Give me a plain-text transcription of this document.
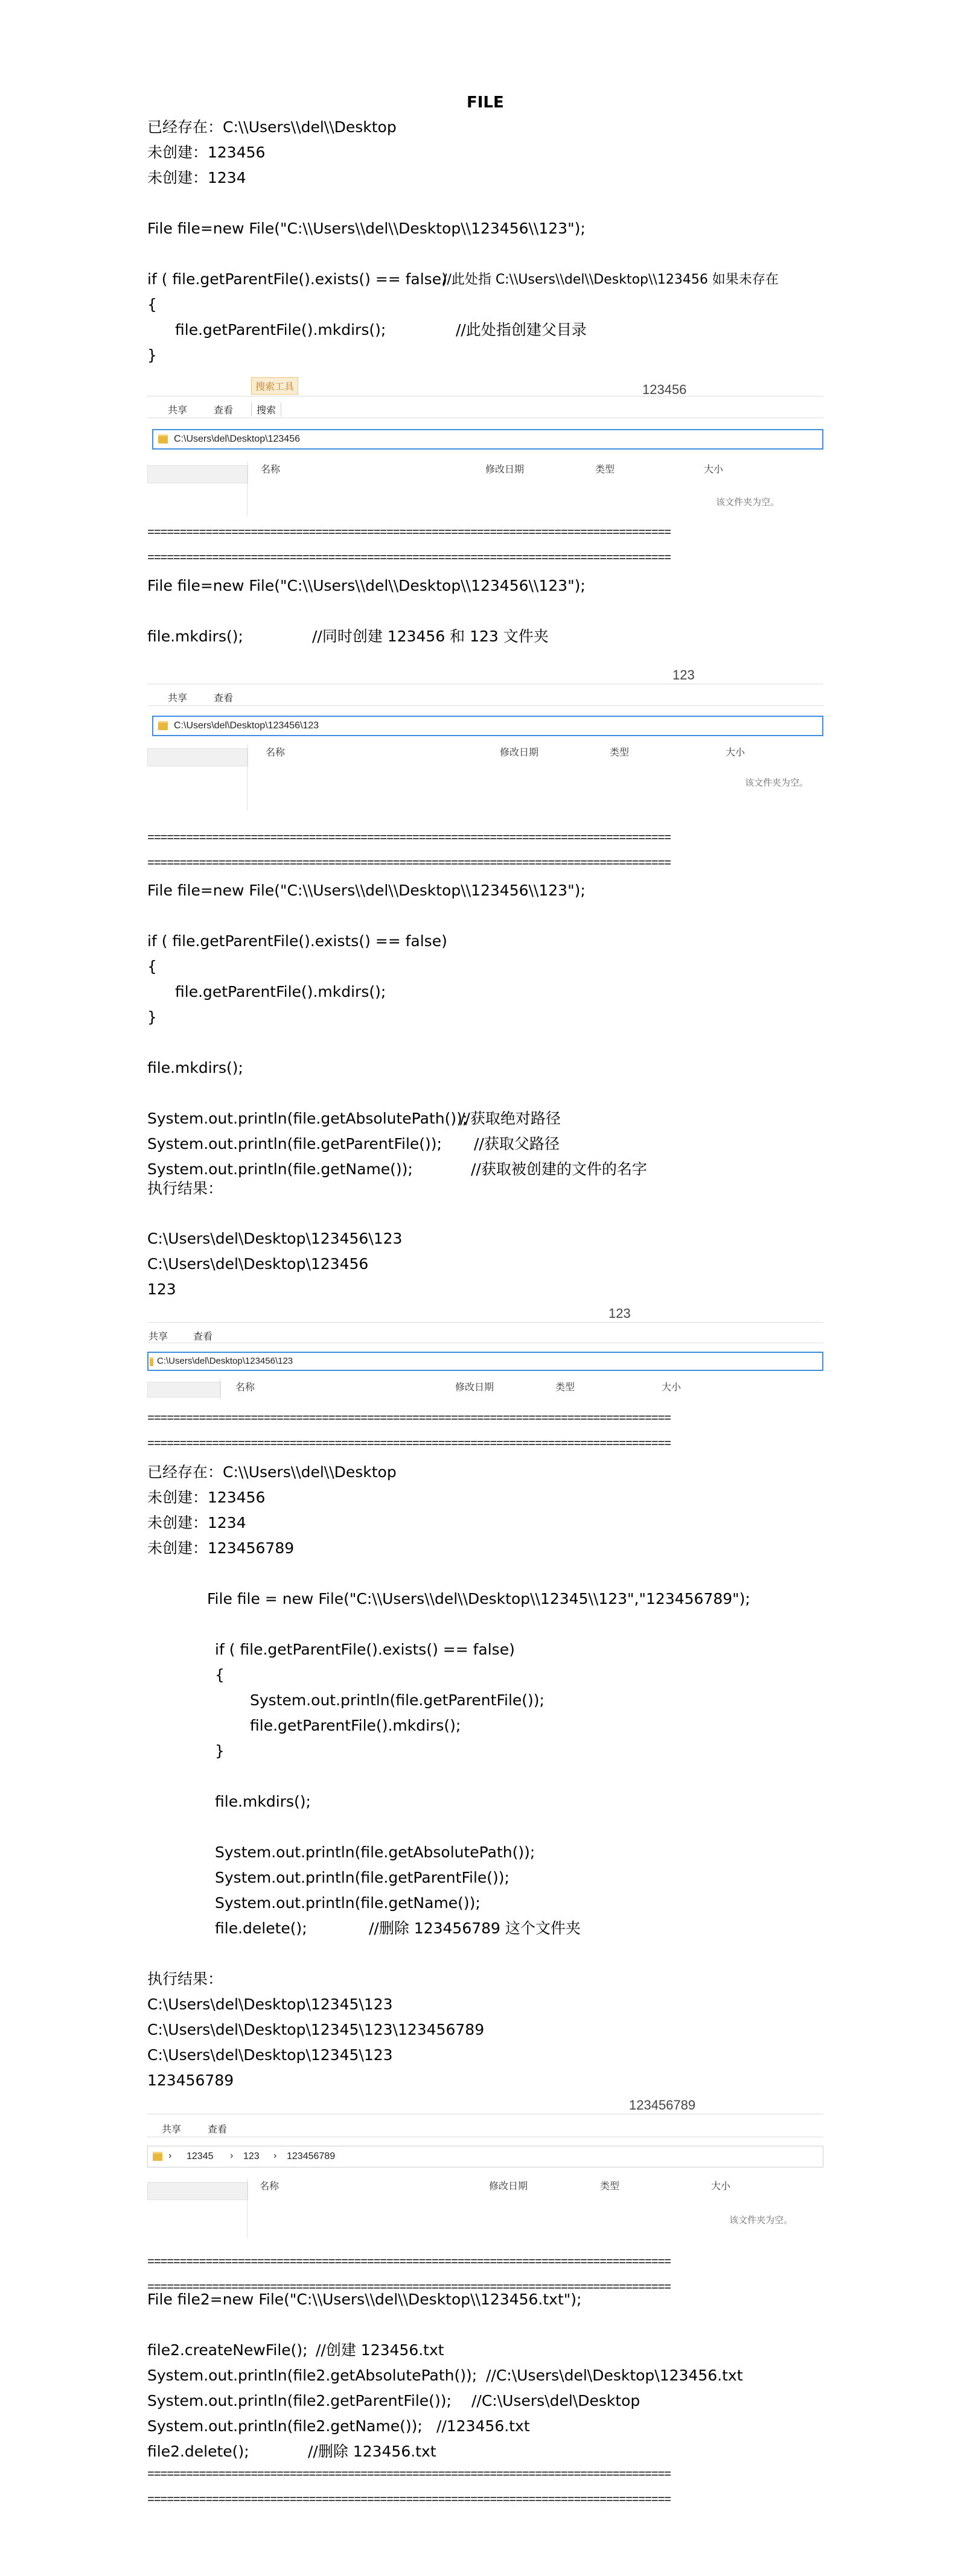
FILE
已经存在：C:\\Users\\del\\Desktop
未创建：123456
未创建：1234
File file=new File("C:\\Users\\del\\Desktop\\123456\\123");
if ( file.getParentFile().exists() == false)
//此处指 C:\\Users\\del\\Desktop\\123456 如果未存在
{
file.getParentFile().mkdirs();	//此处指创建父目录
}
搜索工具	123456
共享	查看	搜索
C:\Users\del\Desktop\123456
名称	修改日期	类型	大小
该文件夹为空。
=================================================================================
=================================================================================
File file=new File("C:\\Users\\del\\Desktop\\123456\\123");
file.mkdirs();	//同时创建 123456 和 123 文件夹
123
共享	查看
C:\Users\del\Desktop\123456\123
名称	修改日期	类型	大小
该文件夹为空。
=================================================================================
=================================================================================
File file=new File("C:\\Users\\del\\Desktop\\123456\\123");
if ( file.getParentFile().exists() == false)
{
file.getParentFile().mkdirs();
}
file.mkdirs();
System.out.println(file.getAbsolutePath());
//获取绝对路径
System.out.println(file.getParentFile()); //获取父路径
System.out.println(file.getName());	//获取被创建的文件的名字
执行结果：
C:\Users\del\Desktop\123456\123
C:\Users\del\Desktop\123456
123
123
共享	查看
C:\Users\del\Desktop\123456\123
名称	修改日期	类型	大小
=================================================================================
=================================================================================
已经存在：C:\\Users\\del\\Desktop
未创建：123456
未创建：1234
未创建：123456789
File file = new File("C:\\Users\\del\\Desktop\\12345\\123","123456789");
if ( file.getParentFile().exists() == false)
{
System.out.println(file.getParentFile());
file.getParentFile().mkdirs();
}
file.mkdirs();
System.out.println(file.getAbsolutePath());
System.out.println(file.getParentFile());
System.out.println(file.getName());
file.delete();	//删除 123456789 这个文件夹
执行结果：
C:\Users\del\Desktop\12345\123
C:\Users\del\Desktop\12345\123\123456789
C:\Users\del\Desktop\12345\123
123456789
123456789
共享	查看
› 12345 › 123 › 123456789
名称	修改日期	类型	大小
该文件夹为空。
=================================================================================
=================================================================================
File file2=new File("C:\\Users\\del\\Desktop\\123456.txt");
file2.createNewFile(); //创建 123456.txt
System.out.println(file2.getAbsolutePath()); //C:\Users\del\Desktop\123456.txt
System.out.println(file2.getParentFile()); //C:\Users\del\Desktop
System.out.println(file2.getName()); //123456.txt
file2.delete();	//删除 123456.txt
=================================================================================
=================================================================================
